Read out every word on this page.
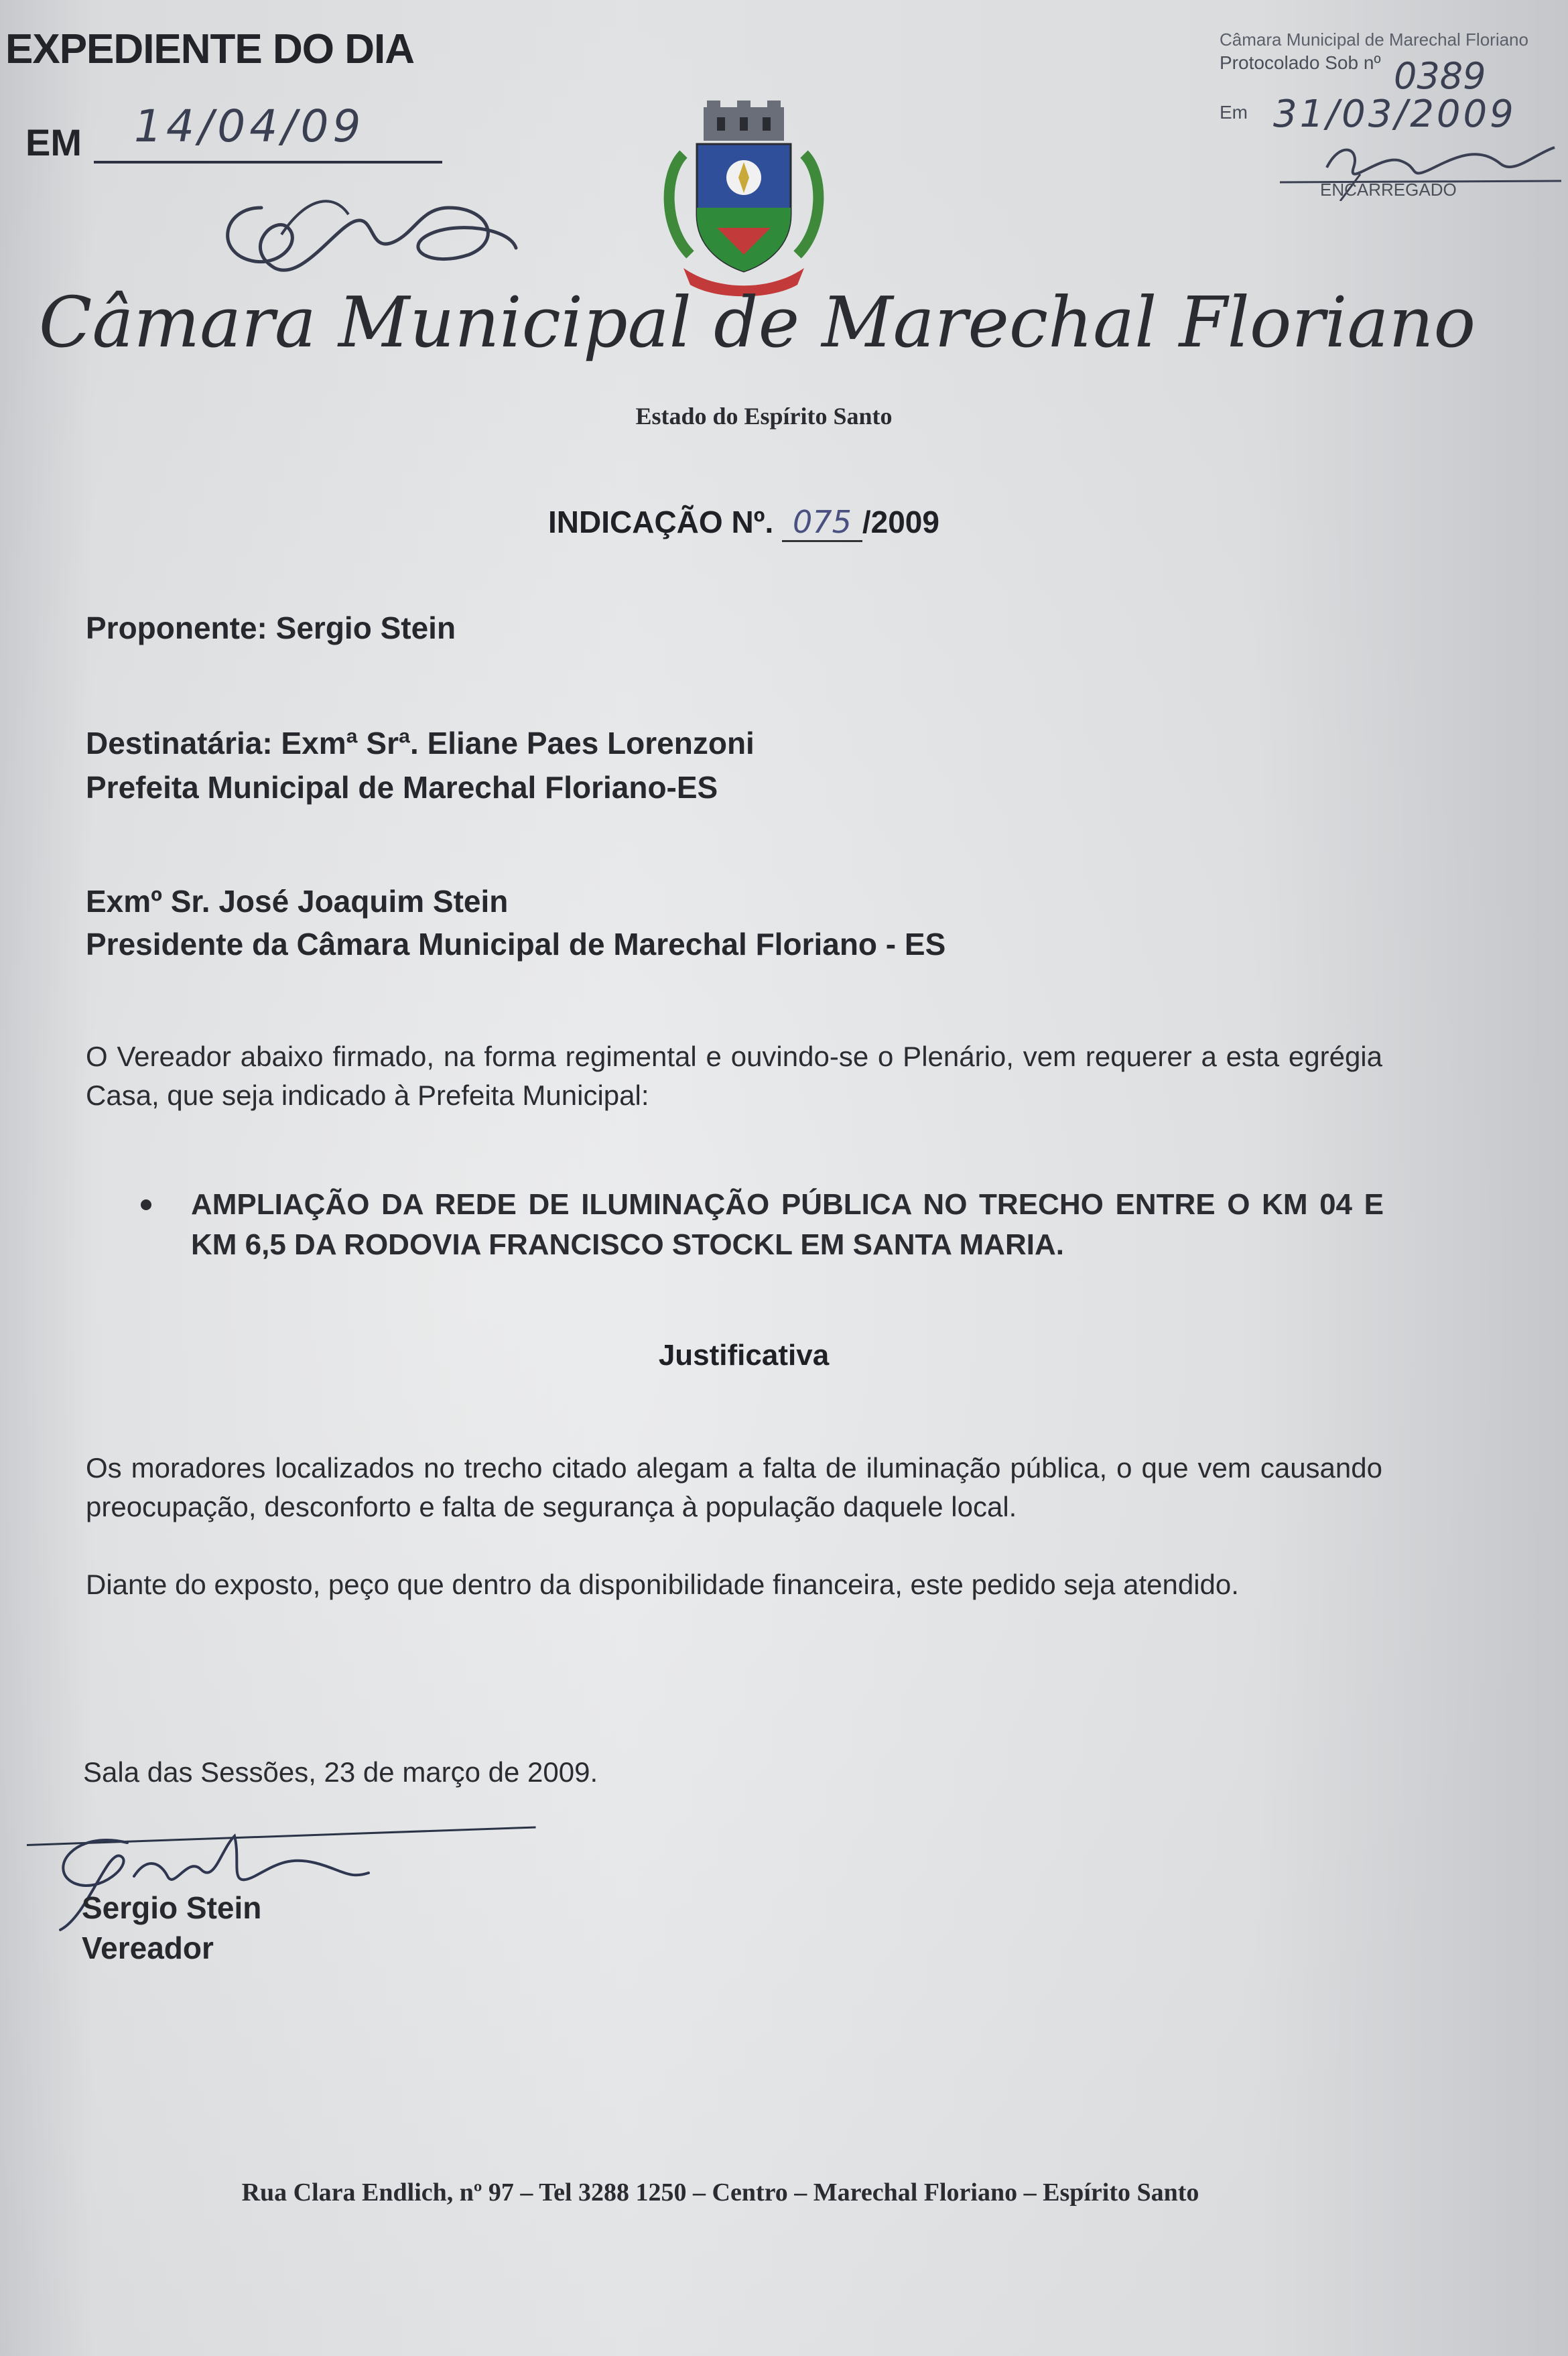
EXPEDIENTE DO DIA
EM 14/04/09
Câmara Municipal de Marechal Floriano
Protocolado Sob nº 0389
Em 31/03/2009
ENCARREGADO
Câmara Municipal de Marechal Floriano
Estado do Espírito Santo
INDICAÇÃO Nº. 075 /2009
Proponente: Sergio Stein
Destinatária: Exmª Srª. Eliane Paes Lorenzoni
Prefeita Municipal de Marechal Floriano-ES
Exmº Sr. José Joaquim Stein
Presidente da Câmara Municipal de Marechal Floriano - ES
O Vereador abaixo firmado, na forma regimental e ouvindo-se o Plenário, vem requerer a esta egrégia Casa, que seja indicado à Prefeita Municipal:
AMPLIAÇÃO DA REDE DE ILUMINAÇÃO PÚBLICA NO TRECHO ENTRE O KM 04 E KM 6,5 DA RODOVIA FRANCISCO STOCKL EM SANTA MARIA.
Justificativa
Os moradores localizados no trecho citado alegam a falta de iluminação pública, o que vem causando preocupação, desconforto e falta de segurança à população daquele local.
Diante do exposto, peço que dentro da disponibilidade financeira, este pedido seja atendido.
Sala das Sessões, 23 de março de 2009.
Sergio Stein
Vereador
Rua Clara Endlich, nº 97 – Tel 3288 1250 – Centro – Marechal Floriano – Espírito Santo
